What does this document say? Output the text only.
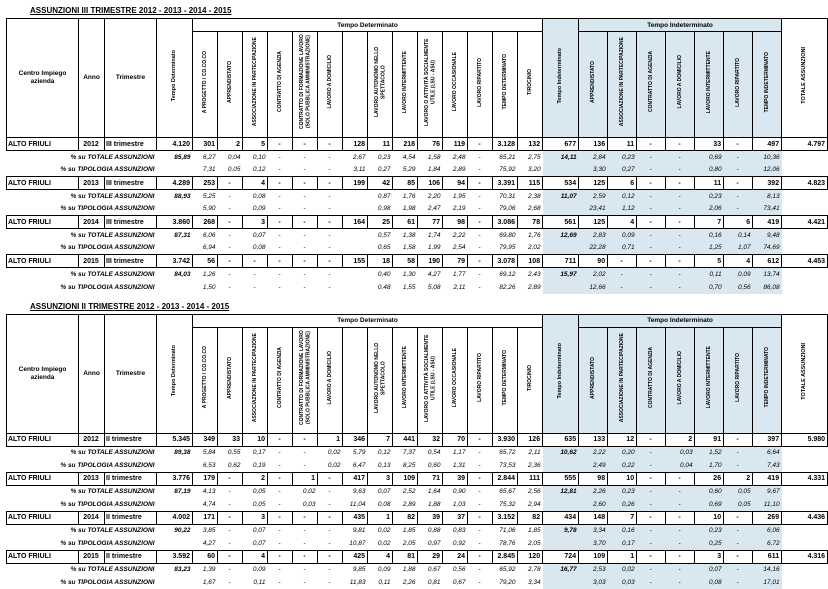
ASSUNZIONI III TRIMESTRE 2012 - 2013 - 2014 - 2015
Centro Impiego azienda	Anno	Trimestre	Tempo Determinato	Tempo Determinato														Tempo Indeterminato	Tempo Indeterminato							TOTALE ASSUNZIONI
				A PROGETTO / CO.CO.CO	APPRENDISTATO	ASSOCIAZIONE IN PARTECIPAZIONE	CONTRATTO DI AGENZIA	CONTRATTO DI FORMAZIONE LAVORO (SOLO PUBBLICA AMMINISTRAZIONE)	LAVORO A DOMICILIO		LAVORO AUTONOMO NELLO SPETTACOLO	LAVORO INTERMITTENTE	LAVORO O ATTIVITÀ SOCIALMENTE UTILE (LSU - ASU)	LAVORO OCCASIONALE	LAVORO RIPARTITO	TEMPO DETERMINATO	TIROCINIO		APPRENDISTATO	ASSOCIAZIONE IN PARTECIPAZIONE	CONTRATTO DI AGENZIA	LAVORO A DOMICILIO	LAVORO INTERMITTENTE	LAVORO RIPARTITO	TEMPO INDETERMINATO	
ALTO FRIULI	2012	III trimestre	4.120	301	2	5	-	-	-	128	11	218	76	119	-	3.128	132	677	136	11	-	-	33	-	497	4.797
% su TOTALE ASSUNZIONI			85,89	6,27	0,04	0,10	-	-	-	2,67	0,23	4,54	1,58	2,48	-	65,21	2,75	14,11	2,84	0,23	-	-	0,69	-	10,36	
% su TIPOLOGIA ASSUNZIONI				7,31	0,05	0,12	-	-	-	3,11	0,27	5,29	1,84	2,89	-	75,92	3,20		3,30	0,27	-	-	0,80	-	12,06	
ALTO FRIULI	2013	III trimestre	4.289	253	-	4	-	-	-	199	42	85	106	94	-	3.391	115	534	125	6	-	-	11	-	392	4.823
% su TOTALE ASSUNZIONI			88,93	5,25	-	0,08	-	-	-		0,87	1,76	2,20	1,95	-	70,31	2,38	11,07	2,59	0,12	-	-	0,23	-	8,13	
% su TIPOLOGIA ASSUNZIONI				5,90	-	0,09	-	-	-		0,98	1,98	2,47	2,19	-	79,06	2,68		23,41	1,12	-	-	2,06	-	73,41	
ALTO FRIULI	2014	III trimestre	3.860	268	-	3	-	-	-	164	25	61	77	98	-	3.086	78	561	125	4	-	-	7	6	419	4.421
% su TOTALE ASSUNZIONI			87,31	6,06	-	0,07	-	-	-		0,57	1,38	1,74	2,22	-	69,80	1,76	12,69	2,83	0,09	-	-	0,16	0,14	9,48	
% su TIPOLOGIA ASSUNZIONI				6,94	-	0,08	-	-	-		0,65	1,58	1,99	2,54	-	79,95	2,02		22,28	0,71	-	-	1,25	1,07	74,69	
ALTO FRIULI	2015	III trimestre	3.742	56	-	-	-	-	-	155	18	58	190	79	-	3.078	108	711	90	-	-	-	5	4	612	4.453
% su TOTALE ASSUNZIONI			84,03	1,26	-	-	-	-	-		0,40	1,30	4,27	1,77	-	69,12	2,43	15,97	2,02	-	-	-	0,11	0,09	13,74	
% su TIPOLOGIA ASSUNZIONI				1,50	-	-	-	-	-		0,48	1,55	5,08	2,11	-	82,26	2,89		12,66	-	-	-	0,70	0,56	86,08	
ASSUNZIONI II TRIMESTRE 2012 - 2013 - 2014 - 2015
Centro Impiego azienda	Anno	Trimestre	Tempo Determinato	Tempo Determinato														Tempo Indeterminato	Tempo Indeterminato							TOTALE ASSUNZIONI
				A PROGETTO / CO.CO.CO	APPRENDISTATO	ASSOCIAZIONE IN PARTECIPAZIONE	CONTRATTO DI AGENZIA	CONTRATTO DI FORMAZIONE LAVORO (SOLO PUBBLICA AMMINISTRAZIONE)	LAVORO A DOMICILIO		LAVORO AUTONOMO NELLO SPETTACOLO	LAVORO INTERMITTENTE	LAVORO O ATTIVITÀ SOCIALMENTE UTILE (LSU - ASU)	LAVORO OCCASIONALE	LAVORO RIPARTITO	TEMPO DETERMINATO	TIROCINIO		APPRENDISTATO	ASSOCIAZIONE IN PARTECIPAZIONE	CONTRATTO DI AGENZIA	LAVORO A DOMICILIO	LAVORO INTERMITTENTE	LAVORO RIPARTITO	TEMPO INDETERMINATO	
ALTO FRIULI	2012	II trimestre	5.345	349	33	10	-	-	1	346	7	441	32	70	-	3.930	126	635	133	12	-	2	91	-	397	5.980
% su TOTALE ASSUNZIONI			89,38	5,84	0,55	0,17	-	-	0,02	5,79	0,12	7,37	0,54	1,17	-	65,72	2,11	10,62	2,22	0,20	-	0,03	1,52	-	6,64	
% su TIPOLOGIA ASSUNZIONI				6,53	0,62	0,19	-	-	0,02	6,47	0,13	8,25	0,60	1,31	-	73,53	2,36		2,49	0,22	-	0,04	1,70	-	7,43	
ALTO FRIULI	2013	II trimestre	3.776	179	-	2	-	1	-	417	3	109	71	39	-	2.844	111	555	98	10	-	-	26	2	419	4.331
% su TOTALE ASSUNZIONI			87,19	4,13	-	0,05	-	0,02	-	9,63	0,07	2,52	1,64	0,90	-	65,67	2,56	12,81	2,26	0,23	-	-	0,60	0,05	9,67	
% su TIPOLOGIA ASSUNZIONI				4,74	-	0,05	-	0,03	-	11,04	0,08	2,89	1,88	1,03	-	75,32	2,94		2,60	0,26	-	-	0,69	0,05	11,10	
ALTO FRIULI	2014	II trimestre	4.002	171	-	3	-	-	-	435	1	82	39	37	-	3.152	82	434	148	7	-	-	10	-	269	4.436
% su TOTALE ASSUNZIONI			90,22	3,85	-	0,07	-	-	-	9,81	0,02	1,85	0,88	0,83	-	71,06	1,85	9,78	3,34	0,16	-	-	0,23	-	6,06	
% su TIPOLOGIA ASSUNZIONI				4,27	-	0,07	-	-	-	10,87	0,02	2,05	0,97	0,92	-	78,76	2,05		3,70	0,17	-	-	0,25	-	6,72	
ALTO FRIULI	2015	II trimestre	3.592	60	-	4	-	-	-	425	4	81	29	24	-	2.845	120	724	109	1	-	-	3	-	611	4.316
% su TOTALE ASSUNZIONI			83,23	1,39	-	0,09	-	-	-	9,85	0,09	1,88	0,67	0,56	-	65,92	2,78	16,77	2,53	0,02	-	-	0,07	-	14,16	
% su TIPOLOGIA ASSUNZIONI				1,67	-	0,11	-	-	-	11,83	0,11	2,26	0,81	0,67	-	79,20	3,34		3,03	0,03	-	-	0,08	-	17,01	
